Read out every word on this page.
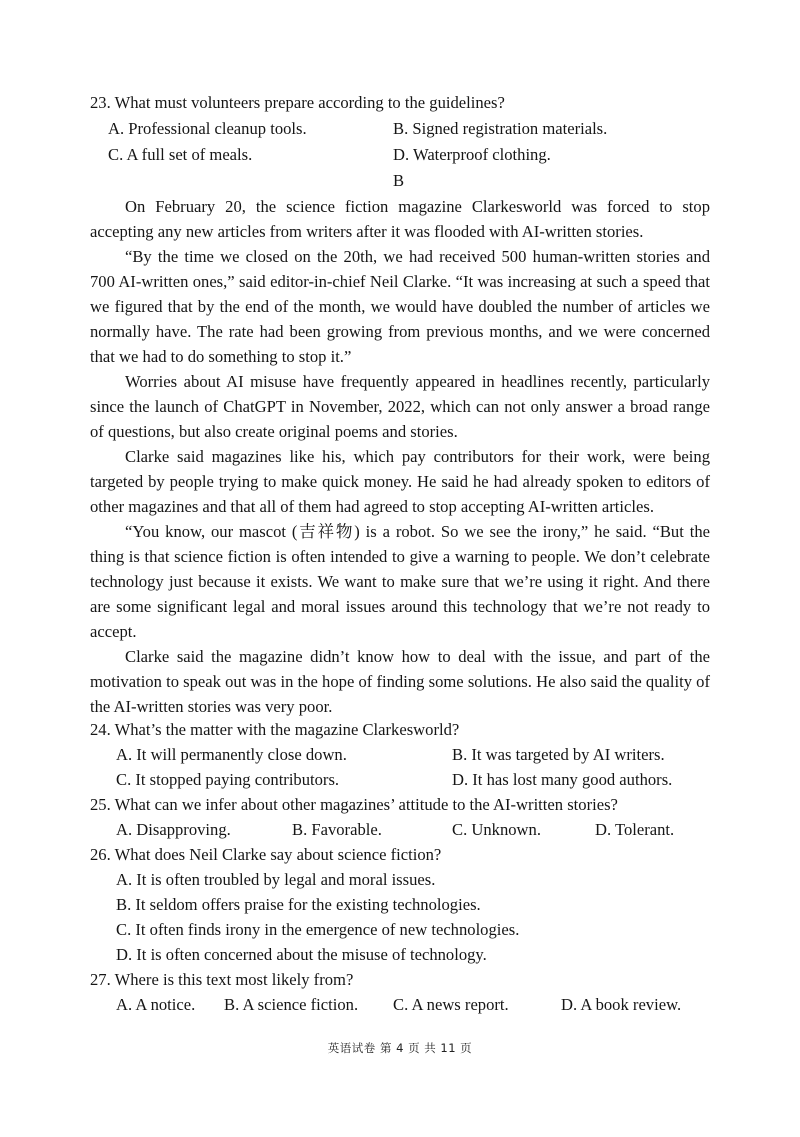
23. What must volunteers prepare according to the guidelines?
A. Professional cleanup tools.	B. Signed registration materials.
C. A full set of meals.	D. Waterproof clothing.
B
On February 20, the science fiction magazine Clarkesworld was forced to stop accepting any new articles from writers after it was flooded with AI-written stories.
“By the time we closed on the 20th, we had received 500 human-written stories and 700 AI-written ones,” said editor-in-chief Neil Clarke. “It was increasing at such a speed that we figured that by the end of the month, we would have doubled the number of articles we normally have. The rate had been growing from previous months, and we were concerned that we had to do something to stop it.”
Worries about AI misuse have frequently appeared in headlines recently, particularly since the launch of ChatGPT in November, 2022, which can not only answer a broad range of questions, but also create original poems and stories.
Clarke said magazines like his, which pay contributors for their work, were being targeted by people trying to make quick money. He said he had already spoken to editors of other magazines and that all of them had agreed to stop accepting AI-written articles.
“You know, our mascot (吉祥物) is a robot. So we see the irony,” he said. “But the thing is that science fiction is often intended to give a warning to people. We don’t celebrate technology just because it exists. We want to make sure that we’re using it right. And there are some significant legal and moral issues around this technology that we’re not ready to accept.
Clarke said the magazine didn’t know how to deal with the issue, and part of the motivation to speak out was in the hope of finding some solutions. He also said the quality of the AI-written stories was very poor.
24. What’s the matter with the magazine Clarkesworld?
A. It will permanently close down.	B. It was targeted by AI writers.
C. It stopped paying contributors.	D. It has lost many good authors.
25. What can we infer about other magazines’ attitude to the AI-written stories?
A. Disapproving.	B. Favorable.	C. Unknown.	D. Tolerant.
26. What does Neil Clarke say about science fiction?
A. It is often troubled by legal and moral issues.
B. It seldom offers praise for the existing technologies.
C. It often finds irony in the emergence of new technologies.
D. It is often concerned about the misuse of technology.
27. Where is this text most likely from?
A. A notice. B. A science fiction. C. A news report.	D. A book review.
英语试卷 第 4 页 共 11 页
